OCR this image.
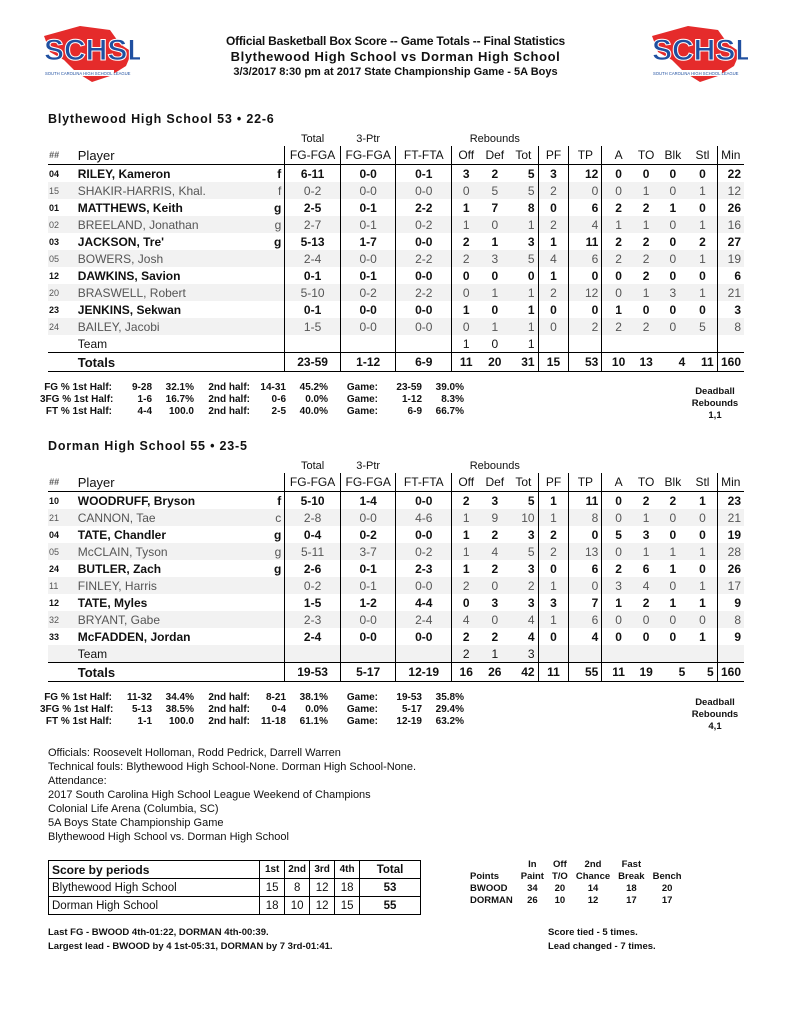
SCHSL
SOUTH CAROLINA HIGH SCHOOL LEAGUE
SCHSL
SOUTH CAROLINA HIGH SCHOOL LEAGUE
Official Basketball Box Score -- Game Totals -- Final Statistics
Blythewood High School vs Dorman High School
3/3/2017 8:30 pm at 2017 State Championship Game - 5A Boys
Blythewood High School 53 • 22-6
			Total	3-Ptr		Rebounds									
##	Player		FG-FGA	FG-FGA	FT-FTA	Off	Def	Tot	PF	TP	A	TO	Blk	Stl	Min
04	RILEY, Kameron	f	6-11	0-0	0-1	3	2	5	3	12	0	0	0	0	22
15	SHAKIR-HARRIS, Khal.	f	0-2	0-0	0-0	0	5	5	2	0	0	1	0	1	12
01	MATTHEWS, Keith	g	2-5	0-1	2-2	1	7	8	0	6	2	2	1	0	26
02	BREELAND, Jonathan	g	2-7	0-1	0-2	1	0	1	2	4	1	1	0	1	16
03	JACKSON, Tre'	g	5-13	1-7	0-0	2	1	3	1	11	2	2	0	2	27
05	BOWERS, Josh		2-4	0-0	2-2	2	3	5	4	6	2	2	0	1	19
12	DAWKINS, Savion		0-1	0-1	0-0	0	0	0	1	0	0	2	0	0	6
20	BRASWELL, Robert		5-10	0-2	2-2	0	1	1	2	12	0	1	3	1	21
23	JENKINS, Sekwan		0-1	0-0	0-0	1	0	1	0	0	1	0	0	0	3
24	BAILEY, Jacobi		1-5	0-0	0-0	0	1	1	0	2	2	2	0	5	8
	Team					1	0	1							
	Totals		23-59	1-12	6-9	11	20	31	15	53	10	13	4	11	160
FG % 1st Half: 9-28 32.1% 2nd half: 14-31 45.2% Game: 23-59 39.0%
3FG % 1st Half: 1-6 16.7% 2nd half: 0-6 0.0% Game: 1-12 8.3%
FT % 1st Half:	4-4 100.0 2nd half: 2-5 40.0% Game:	6-9 66.7%
Deadball
Rebounds
1,1
Dorman High School 55 • 23-5
			Total	3-Ptr		Rebounds									
##	Player		FG-FGA	FG-FGA	FT-FTA	Off	Def	Tot	PF	TP	A	TO	Blk	Stl	Min
10	WOODRUFF, Bryson	f	5-10	1-4	0-0	2	3	5	1	11	0	2	2	1	23
21	CANNON, Tae	c	2-8	0-0	4-6	1	9	10	1	8	0	1	0	0	21
04	TATE, Chandler	g	0-4	0-2	0-0	1	2	3	2	0	5	3	0	0	19
05	McCLAIN, Tyson	g	5-11	3-7	0-2	1	4	5	2	13	0	1	1	1	28
24	BUTLER, Zach	g	2-6	0-1	2-3	1	2	3	0	6	2	6	1	0	26
11	FINLEY, Harris		0-2	0-1	0-0	2	0	2	1	0	3	4	0	1	17
12	TATE, Myles		1-5	1-2	4-4	0	3	3	3	7	1	2	1	1	9
32	BRYANT, Gabe		2-3	0-0	2-4	4	0	4	1	6	0	0	0	0	8
33	McFADDEN, Jordan		2-4	0-0	0-0	2	2	4	0	4	0	0	0	1	9
	Team					2	1	3							
	Totals		19-53	5-17	12-19	16	26	42	11	55	11	19	5	5	160
FG % 1st Half: 11-32 34.4% 2nd half: 8-21 38.1% Game: 19-53 35.8%
3FG % 1st Half: 5-13 38.5% 2nd half: 0-4 0.0% Game: 5-17 29.4%
FT % 1st Half:	1-1 100.0 2nd half: 11-18 61.1% Game: 12-19 63.2%
Deadball
Rebounds
4,1
Officials: Roosevelt Holloman, Rodd Pedrick, Darrell Warren
Technical fouls: Blythewood High School-None. Dorman High School-None.
Attendance:
2017 South Carolina High School League Weekend of Champions
Colonial Life Arena (Columbia, SC)
5A Boys State Championship Game
Blythewood High School vs. Dorman High School
Score by periods	1st	2nd	3rd	4th	Total
Blythewood High School	15	8	12	18	53
Dorman High School	18	10	12	15	55
	In	Off	2nd	Fast	
Points	Paint	T/O	Chance	Break	Bench
BWOOD	34	20	14	18	20
DORMAN	26	10	12	17	17
Last FG - BWOOD 4th-01:22, DORMAN 4th-00:39.
Largest lead - BWOOD by 4 1st-05:31, DORMAN by 7 3rd-01:41.
Score tied - 5 times.
Lead changed - 7 times.
